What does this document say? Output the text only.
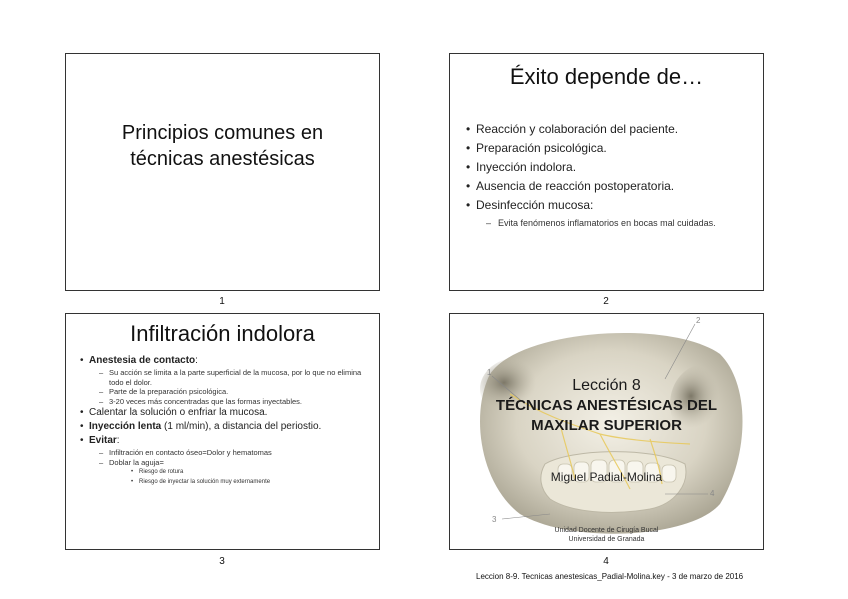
Principios comunes en
técnicas anestésicas
1
Éxito depende de…
• Reacción y colaboración del paciente.
• Preparación psicológica.
• Inyección indolora.
• Ausencia de reacción postoperatoria.
• Desinfección mucosa:
– Evita fenómenos inflamatorios en bocas mal cuidadas.
2
Infiltración indolora
• Anestesia de contacto:
– Su acción se limita a la parte superficial de la mucosa, por lo que no elimina todo el dolor.
– Parte de la preparación psicológica.
– 3-20 veces más concentradas que las formas inyectables.
• Calentar la solución o enfriar la mucosa.
• Inyección lenta (1 ml/min), a distancia del periostio.
• Evitar:
– Infiltración en contacto óseo=Dolor y hematomas
– Doblar la aguja=
• Riesgo de rotura
• Riesgo de inyectar la solución muy externamente
3
1
2
3
4
Lección 8
TÉCNICAS ANESTÉSICAS DEL
MAXILAR SUPERIOR
Miguel Padial-Molina
Unidad Docente de Cirugía Bucal
Universidad de Granada
4
Leccion 8-9. Tecnicas anestesicas_Padial-Molina.key - 3 de marzo de 2016
